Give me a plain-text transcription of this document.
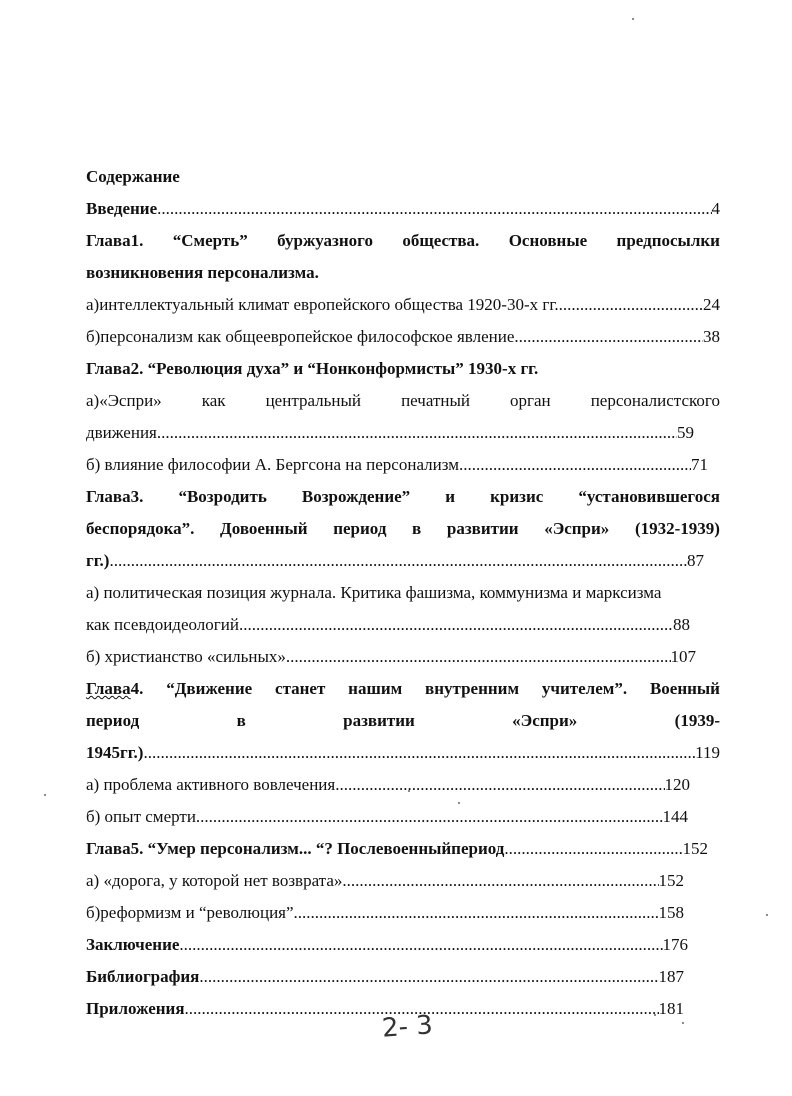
Содержание
Введение .....	4
Глава1. “Смерть” буржуазного общества. Основные предпосылки
возникновения персонализма.
а)интеллектуальный климат европейского общества 1920-30-х гг. .....	24
б)персонализм как общеевропейское философское явление .....	38
Глава2. “Революция духа” и “Нонконформисты” 1930-х гг.
а)«Эспри» как центральный печатный орган персоналистского
движения .....	59
б) влияние философии А. Бергсона на персонализм .....	71
Глава3. “Возродить Возрождение” и кризис “установившегося
беспорядока”. Довоенный период в развитии «Эспри» (1932-1939)
гг.) .....	87
а) политическая позиция журнала. Критика фашизма, коммунизма и марксизма
как псевдоидеологий .....	88
б) христианство «сильных» .....	107
Глава4. “Движение станет нашим внутренним учителем”. Военный
период	в	развитии	«Эспри»	(1939-
1945гг.) .....	119
а) проблема активного вовлечения .....	120
б) опыт смерти .....	144
Глава5. “Умер персонализм... “? Послевоенныйпериод .....	152
а) «дорога, у которой нет возврата» .....	152
б)реформизм и “революция” .....	158
Заключение .....	176
Библиография .....	187
Приложения .....	181
2- 3
